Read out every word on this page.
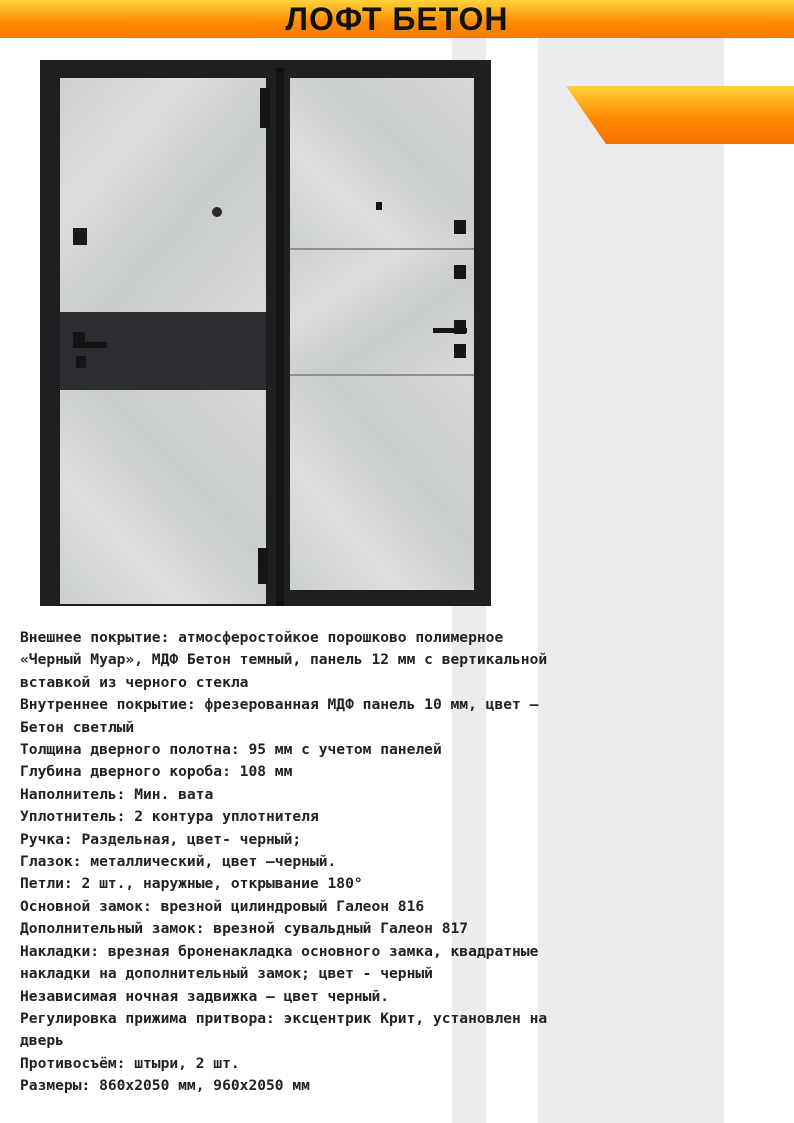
ЛОФТ БЕТОН
Внешнее покрытие: атмосферостойкое порошково полимерное
«Черный Муар», МДФ Бетон темный, панель 12 мм с вертикальной
вставкой из черного стекла
Внутреннее покрытие: фрезерованная МДФ панель 10 мм, цвет –
Бетон светлый
Толщина дверного полотна: 95 мм с учетом панелей
Глубина дверного короба: 108 мм
Наполнитель: Мин. вата
Уплотнитель: 2 контура уплотнителя
Ручка: Раздельная, цвет- черный;
Глазок: металлический, цвет –черный.
Петли: 2 шт., наружные, открывание 180°
Основной замок: врезной цилиндровый Галеон 816
Дополнительный замок: врезной сувальдный Галеон 817
Накладки: врезная броненакладка основного замка, квадратные
накладки на дополнительный замок; цвет - черный
Независимая ночная задвижка – цвет черный.
Регулировка прижима притвора: эксцентрик Крит, установлен на
дверь
Противосъём: штыри, 2 шт.
Размеры: 860х2050 мм, 960х2050 мм
